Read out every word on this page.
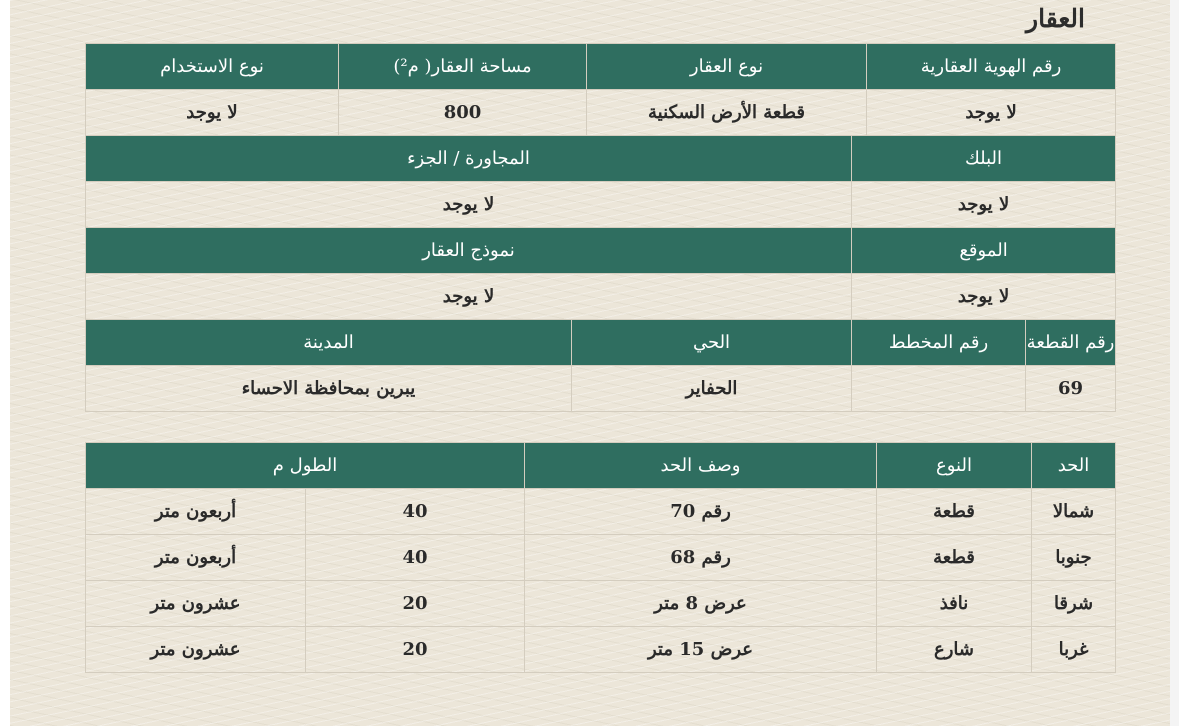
العقار
رقم الهوية العقارية		نوع العقار		مساحة العقار( م²)		نوع الاستخدام
لا يوجد		قطعة الأرض السكنية		800		لا يوجد
البلك			المجاورة / الجزء			
لا يوجد			لا يوجد			
الموقع			نموذج العقار			
لا يوجد			لا يوجد			
رقم القطعة	رقم المخطط		الحي		المدينة	
69			الحفاير		يبرين بمحافظة الاحساء	
الحد	النوع	وصف الحد	الطول م	
شمالا	قطعة	رقم 70	40	أربعون متر
جنوبا	قطعة	رقم 68	40	أربعون متر
شرقا	نافذ	عرض 8 متر	20	عشرون متر
غربا	شارع	عرض 15 متر	20	عشرون متر
